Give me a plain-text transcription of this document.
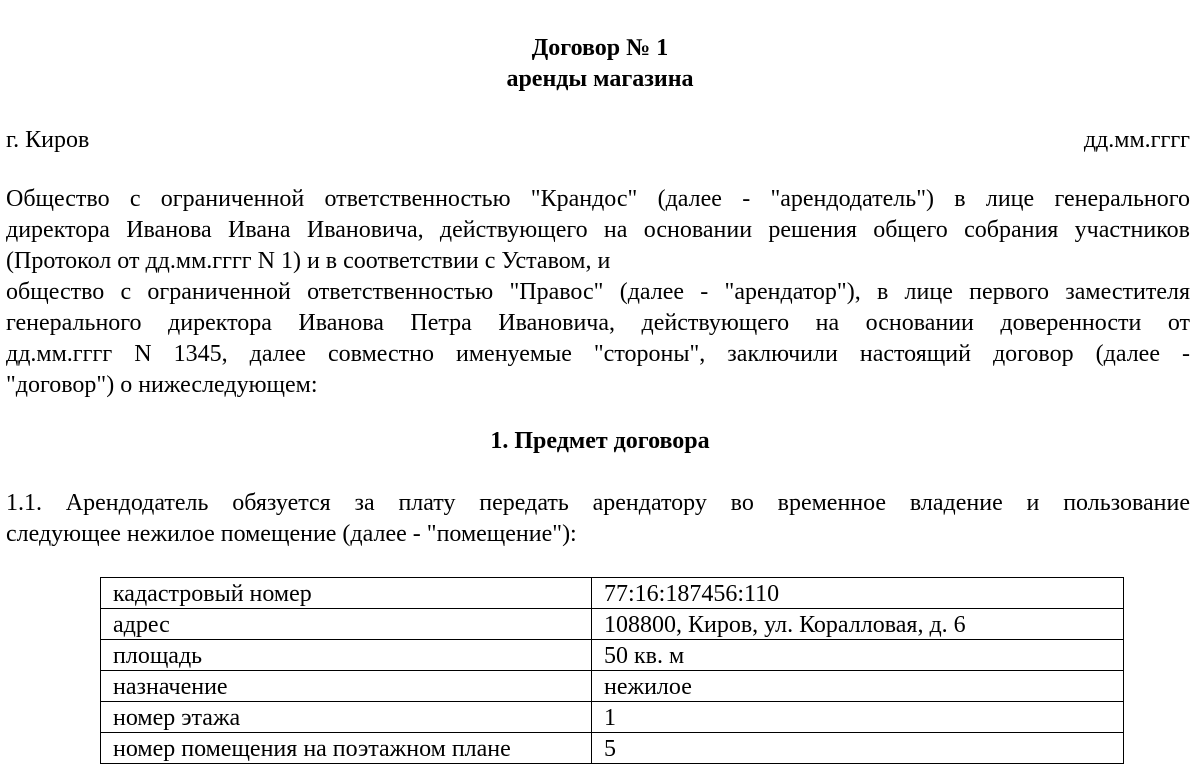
Договор № 1

аренды магазина

г. Киров	дд.мм.гггг

Общество с ограниченной ответственностью "Крандос" (далее - "арендодатель") в лице генерального

директора Иванова Ивана Ивановича, действующего на основании решения общего собрания участников

(Протокол от дд.мм.гггг N 1) и в соответствии с Уставом, и

общество с ограниченной ответственностью "Правос" (далее - "арендатор"), в лице первого заместителя

генерального директора Иванова Петра Ивановича, действующего на основании доверенности от

дд.мм.гггг N 1345, далее совместно именуемые "стороны", заключили настоящий договор (далее -

"договор") о нижеследующем:

1. Предмет договора

1.1. Арендодатель обязуется за плату передать арендатору во временное владение и пользование

следующее нежилое помещение (далее - "помещение"):

кадастровый номер	77:16:187456:110
адрес	108800, Киров, ул. Коралловая, д. 6
площадь	50 кв. м
назначение	нежилое
номер этажа	1
номер помещения на поэтажном плане	5
